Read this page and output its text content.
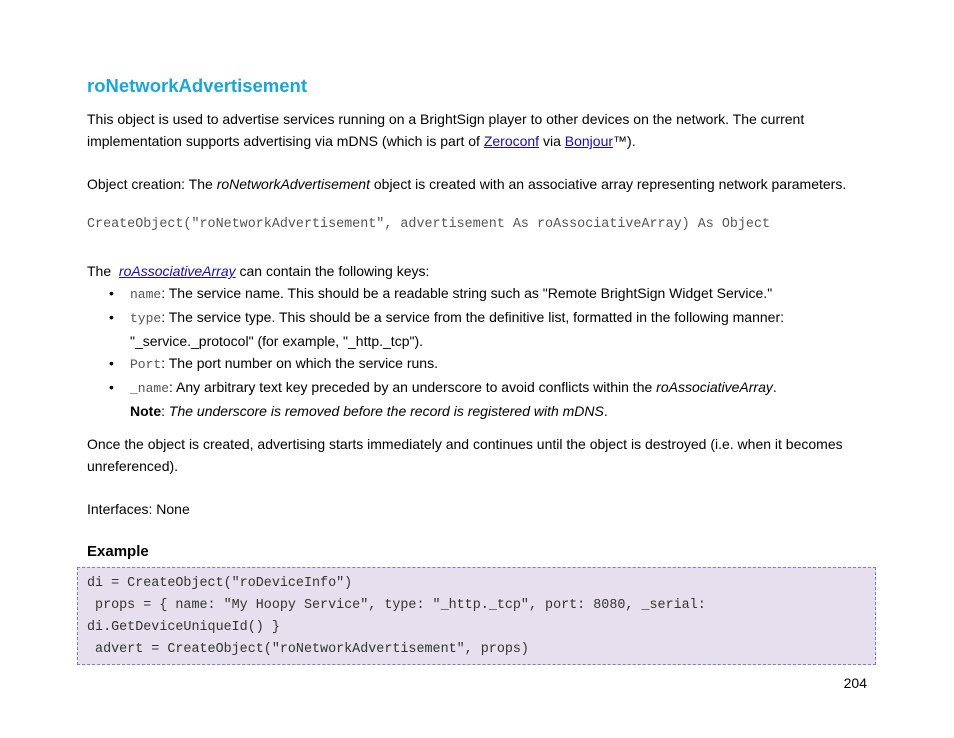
roNetworkAdvertisement

This object is used to advertise services running on a BrightSign player to other devices on the network. The current implementation supports advertising via mDNS (which is part of Zeroconf via Bonjour™).

Object creation: The roNetworkAdvertisement object is created with an associative array representing network parameters.

CreateObject("roNetworkAdvertisement", advertisement As roAssociativeArray) As Object

The  roAssociativeArray can contain the following keys:

• name: The service name. This should be a readable string such as "Remote BrightSign Widget Service."
• type: The service type. This should be a service from the definitive list, formatted in the following manner: "_service._protocol" (for example, "_http._tcp").
• Port: The port number on which the service runs.
• _name: Any arbitrary text key preceded by an underscore to avoid conflicts within the roAssociativeArray.
Note: The underscore is removed before the record is registered with mDNS.

Once the object is created, advertising starts immediately and continues until the object is destroyed (i.e. when it becomes unreferenced).

Interfaces: None

Example
di = CreateObject("roDeviceInfo")
props = { name: "My Hoopy Service", type: "_http._tcp", port: 8080, _serial:
di.GetDeviceUniqueId() }
advert = CreateObject("roNetworkAdvertisement", props)
204
